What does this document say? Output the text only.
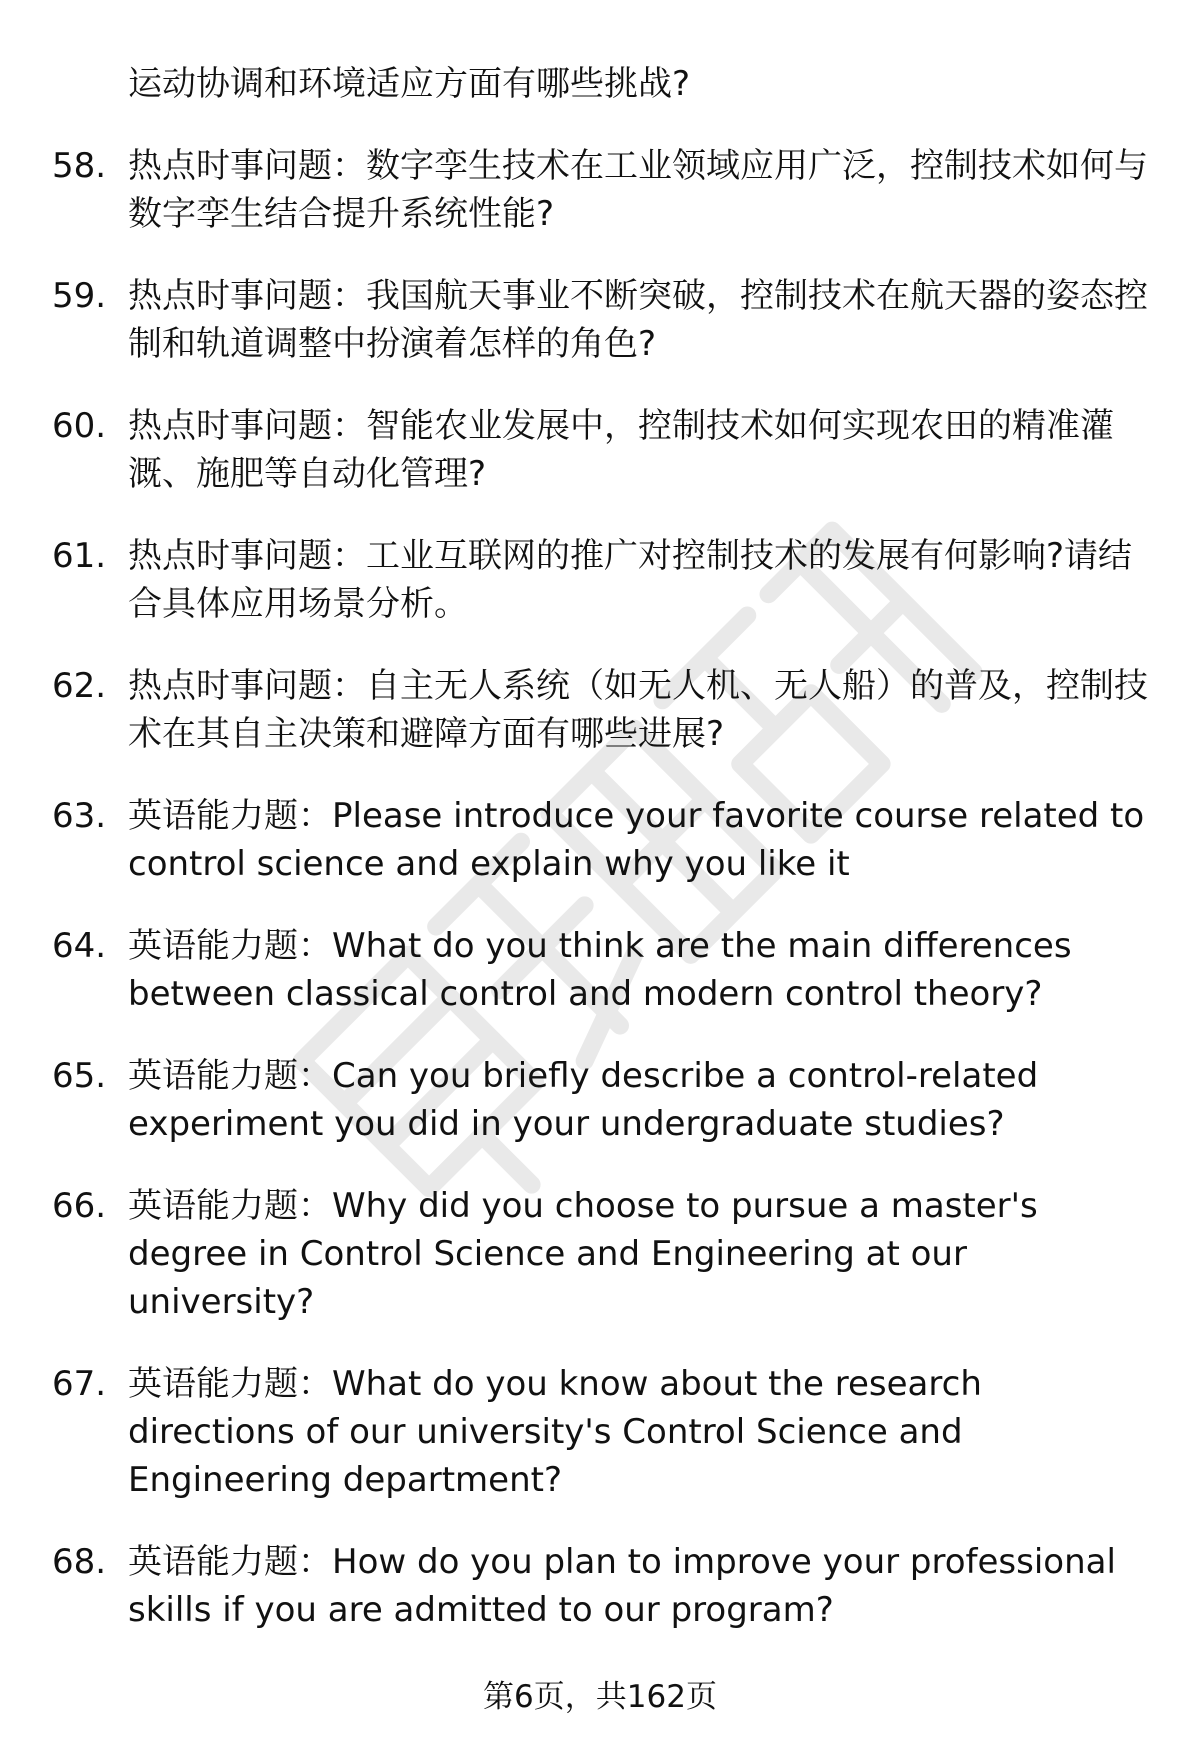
运动协调和环境适应方面有哪些挑战?
58. 热点时事问题：数字孪生技术在工业领域应用广泛，控制技术如何与数字孪生结合提升系统性能?
59. 热点时事问题：我国航天事业不断突破，控制技术在航天器的姿态控制和轨道调整中扮演着怎样的角色?
60. 热点时事问题：智能农业发展中，控制技术如何实现农田的精准灌溉、施肥等自动化管理?
61. 热点时事问题：工业互联网的推广对控制技术的发展有何影响?请结合具体应用场景分析。
62. 热点时事问题：自主无人系统（如无人机、无人船）的普及，控制技术在其自主决策和避障方面有哪些进展?
63. 英语能力题：Please introduce your favorite course related to control science and explain why you like it
64. 英语能力题：What do you think are the main differences between classical control and modern control theory?
65. 英语能力题：Can you briefly describe a control-related experiment you did in your undergraduate studies?
66. 英语能力题：Why did you choose to pursue a master's degree in Control Science and Engineering at our university?
67. 英语能力题：What do you know about the research directions of our university's Control Science and Engineering department?
68. 英语能力题：How do you plan to improve your professional skills if you are admitted to our program?
第6页，共162页
